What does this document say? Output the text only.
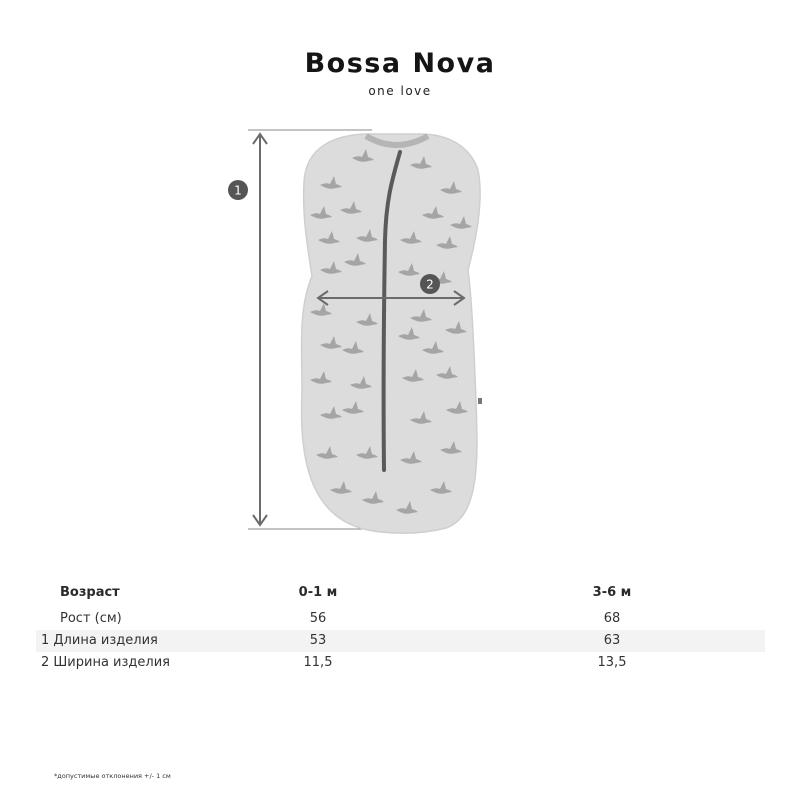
Bossa Nova
one love
1
2
Возраст	0-1 м	3-6 м
Рост (см)	56	68
1 Длина изделия	53	63
2 Ширина изделия	11,5	13,5
*допустимые отклонения +/- 1 см
